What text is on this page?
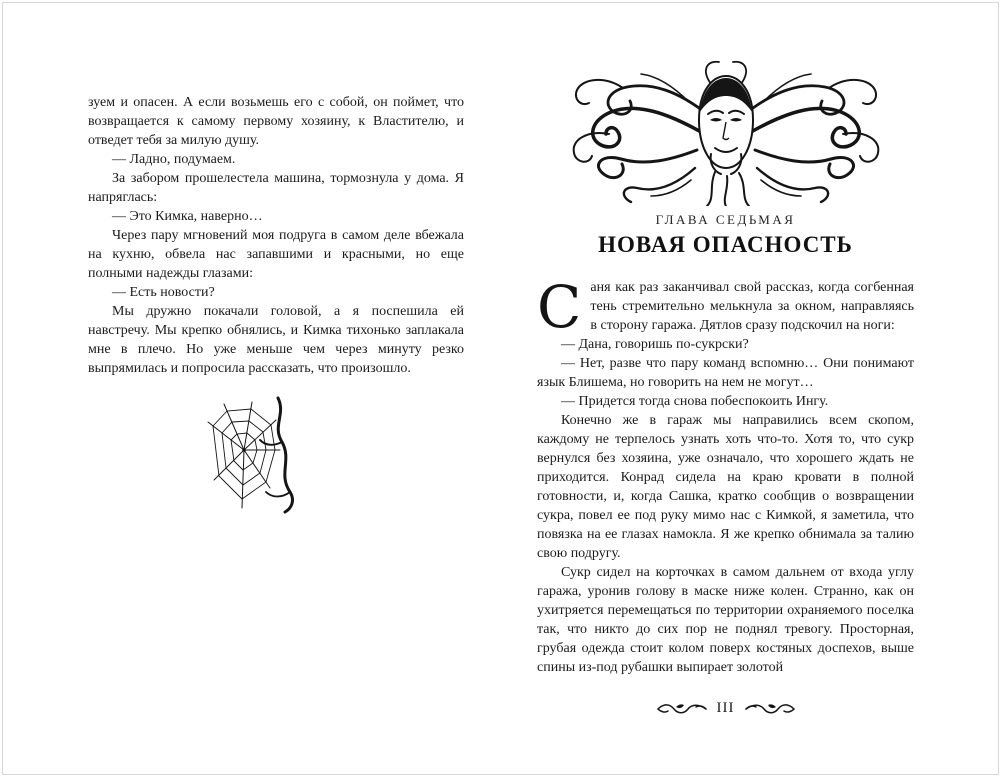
зуем и опасен. А если возьмешь его с собой, он поймет, что возвращается к самому первому хозяину, к Властителю, и отведет тебя за милую душу.

— Ладно, подумаем.

За забором прошелестела машина, тормознула у дома. Я напряглась:

— Это Кимка, наверно…

Через пару мгновений моя подруга в самом деле вбежала на кухню, обвела нас запавшими и красными, но еще полными надежды глазами:

— Есть новости?

Мы дружно покачали головой, а я поспешила ей навстречу. Мы крепко обнялись, и Кимка тихонько заплакала мне в плечо. Но уже меньше чем через минуту резко выпрямилась и попросила рассказать, что произошло.

ГЛАВА СЕДЬМАЯ
НОВАЯ ОПАСНОСТЬ

Саня как раз заканчивал свой рассказ, когда согбенная тень стремительно мелькнула за окном, направляясь в сторону гаража. Дятлов сразу подскочил на ноги:

— Дана, говоришь по-сукрски?

— Нет, разве что пару команд вспомню… Они понимают язык Блишема, но говорить на нем не могут…

— Придется тогда снова побеспокоить Ингу.

Конечно же в гараж мы направились всем скопом, каждому не терпелось узнать хоть что-то. Хотя то, что сукр вернулся без хозяина, уже означало, что хорошего ждать не приходится. Конрад сидела на краю кровати в полной готовности, и, когда Сашка, кратко сообщив о возвращении сукра, повел ее под руку мимо нас с Кимкой, я заметила, что повязка на ее глазах намокла. Я же крепко обнимала за талию свою подругу.

Сукр сидел на корточках в самом дальнем от входа углу гаража, уронив голову в маске ниже колен. Странно, как он ухитряется перемещаться по территории охраняемого поселка так, что никто до сих пор не поднял тревогу. Просторная, грубая одежда стоит колом поверх костяных доспехов, выше спины из-под рубашки выпирает золотой

III
